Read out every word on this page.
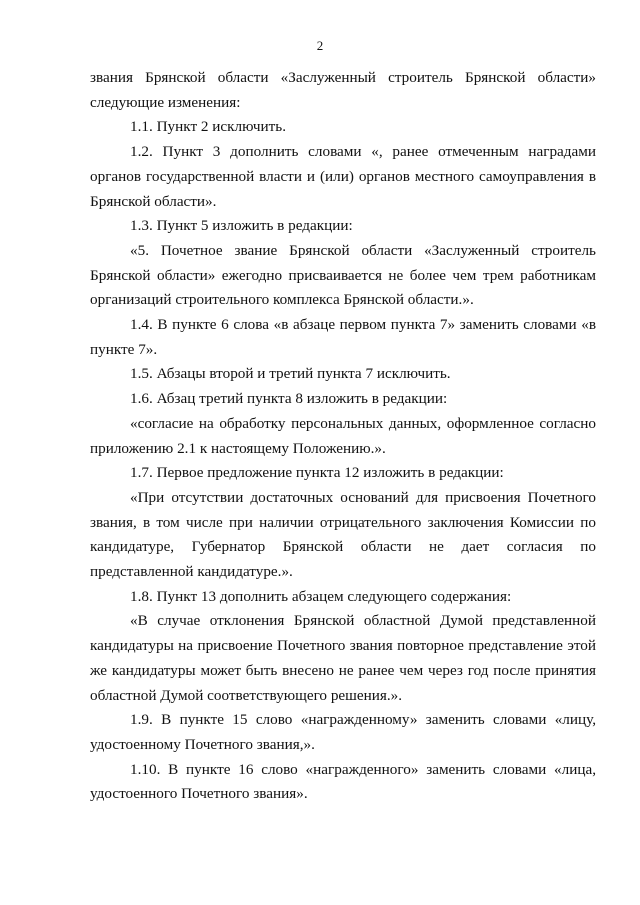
2

звания Брянской области «Заслуженный строитель Брянской области» следующие изменения:

1.1. Пункт 2 исключить.

1.2. Пункт 3 дополнить словами «, ранее отмеченным наградами органов государственной власти и (или) органов местного самоуправления в Брянской области».

1.3. Пункт 5 изложить в редакции:

«5. Почетное звание Брянской области «Заслуженный строитель Брянской области» ежегодно присваивается не более чем трем работникам организаций строительного комплекса Брянской области.».

1.4. В пункте 6 слова «в абзаце первом пункта 7» заменить словами «в пункте 7».

1.5. Абзацы второй и третий пункта 7 исключить.

1.6. Абзац третий пункта 8 изложить в редакции:

«согласие на обработку персональных данных, оформленное согласно приложению 2.1 к настоящему Положению.».

1.7. Первое предложение пункта 12 изложить в редакции:

«При отсутствии достаточных оснований для присвоения Почетного звания, в том числе при наличии отрицательного заключения Комиссии по кандидатуре, Губернатор Брянской области не дает согласия по представленной кандидатуре.».

1.8. Пункт 13 дополнить абзацем следующего содержания:

«В случае отклонения Брянской областной Думой представленной кандидатуры на присвоение Почетного звания повторное представление этой же кандидатуры может быть внесено не ранее чем через год после принятия областной Думой соответствующего решения.».

1.9. В пункте 15 слово «награжденному» заменить словами «лицу, удостоенному Почетного звания,».

1.10. В пункте 16 слово «награжденного» заменить словами «лица, удостоенного Почетного звания».
